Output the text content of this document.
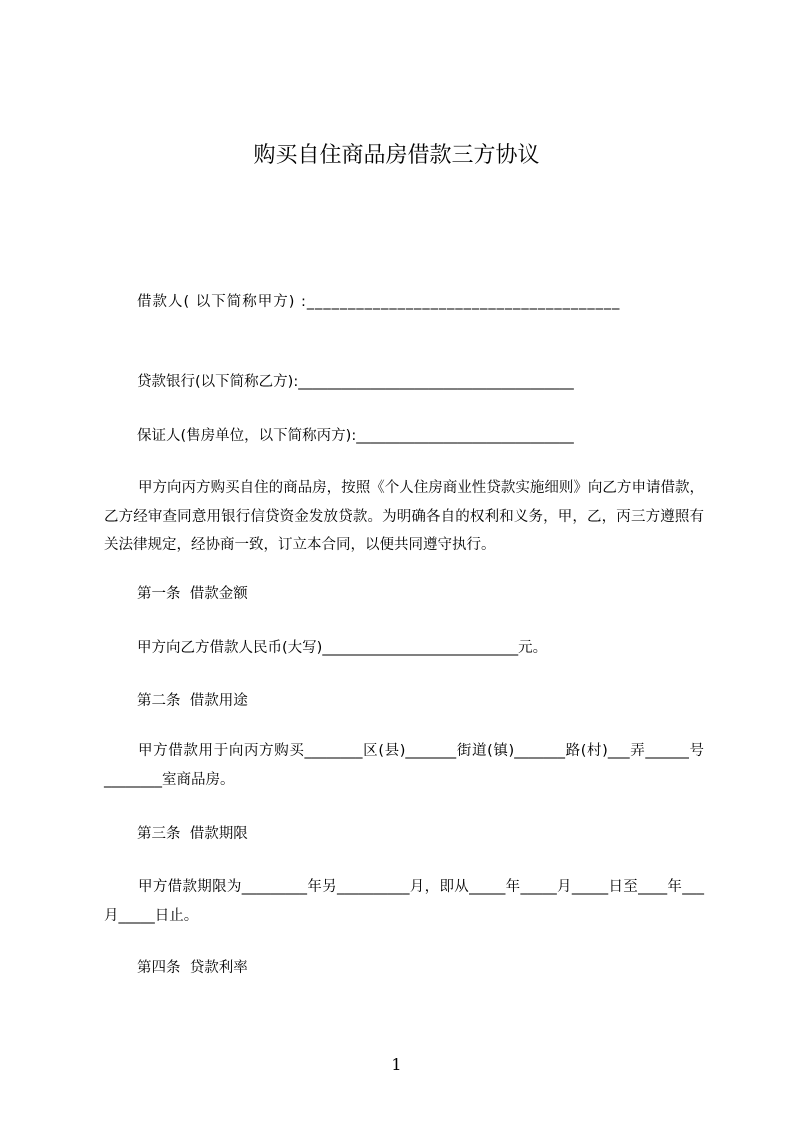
购买自住商品房借款三方协议
借款人( 以下简称甲方) :______________________________________
贷款银行(以下简称乙方):______________________________________
保证人(售房单位，以下简称丙方):______________________________
甲方向丙方购买自住的商品房，按照《个人住房商业性贷款实施细则》向乙方申请借款，乙方经审查同意用银行信贷资金发放贷款。为明确各自的权利和义务，甲，乙，丙三方遵照有关法律规定，经协商一致，订立本合同，以便共同遵守执行。
第一条  借款金额
甲方向乙方借款人民币(大写)___________________________元。
第二条  借款用途
甲方借款用于向丙方购买________区(县)_______街道(镇)_______路(村)___弄______号________室商品房。
第三条  借款期限
甲方借款期限为_________年另__________月，即从_____年_____月_____日至____年___月_____日止。
第四条  贷款利率
1
